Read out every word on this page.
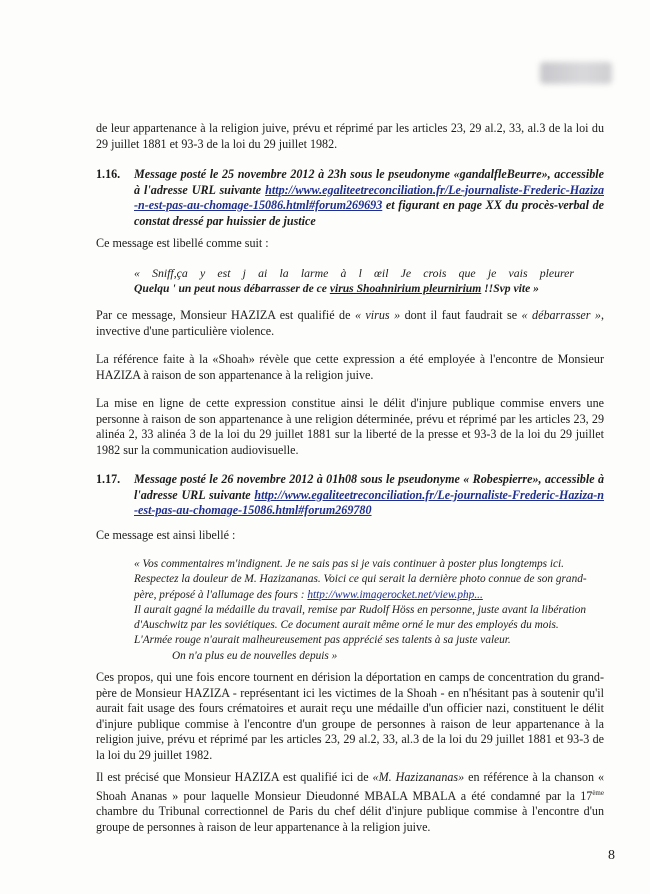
de leur appartenance à la religion juive, prévu et réprimé par les articles 23, 29 al.2, 33, al.3 de la loi du 29 juillet 1881 et 93-3 de la loi du 29 juillet 1982.

1.16. Message posté le 25 novembre 2012 à 23h sous le pseudonyme «gandalfleBeurre», accessible à l'adresse URL suivante http://www.egaliteetreconciliation.fr/Le-journaliste-Frederic-Haziza-n-est-pas-au-chomage-15086.html#forum269693 et figurant en page XX du procès-verbal de constat dressé par huissier de justice

Ce message est libellé comme suit :

« Sniff,ça y est j ai la larme à l œil Je crois que je vais pleurer
Quelqu ' un peut nous débarrasser de ce virus Shoahnirium pleurnirium !!Svp vite »

Par ce message, Monsieur HAZIZA est qualifié de « virus » dont il faut faudrait se « débarrasser », invective d'une particulière violence.

La référence faite à la «Shoah» révèle que cette expression a été employée à l'encontre de Monsieur HAZIZA à raison de son appartenance à la religion juive.

La mise en ligne de cette expression constitue ainsi le délit d'injure publique commise envers une personne à raison de son appartenance à une religion déterminée, prévu et réprimé par les articles 23, 29 alinéa 2, 33 alinéa 3 de la loi du 29 juillet 1881 sur la liberté de la presse et 93-3 de la loi du 29 juillet 1982 sur la communication audiovisuelle.

1.17. Message posté le 26 novembre 2012 à 01h08 sous le pseudonyme « Robespierre», accessible à l'adresse URL suivante http://www.egaliteetreconciliation.fr/Le-journaliste-Frederic-Haziza-n-est-pas-au-chomage-15086.html#forum269780

Ce message est ainsi libellé :

« Vos commentaires m'indignent. Je ne sais pas si je vais continuer à poster plus longtemps ici.
Respectez la douleur de M. Hazizananas. Voici ce qui serait la dernière photo connue de son grand-
père, préposé à l'allumage des fours : http://www.imagerocket.net/view.php...
Il aurait gagné la médaille du travail, remise par Rudolf Höss en personne, juste avant la libération
d'Auschwitz par les soviétiques. Ce document aurait même orné le mur des employés du mois.
L'Armée rouge n'aurait malheureusement pas apprécié ses talents à sa juste valeur.
On n'a plus eu de nouvelles depuis »

Ces propos, qui une fois encore tournent en dérision la déportation en camps de concentration du grand-père de Monsieur HAZIZA - représentant ici les victimes de la Shoah - en n'hésitant pas à soutenir qu'il aurait fait usage des fours crématoires et aurait reçu une médaille d'un officier nazi, constituent le délit d'injure publique commise à l'encontre d'un groupe de personnes à raison de leur appartenance à la religion juive, prévu et réprimé par les articles 23, 29 al.2, 33, al.3 de la loi du 29 juillet 1881 et 93-3 de la loi du 29 juillet 1982.

Il est précisé que Monsieur HAZIZA est qualifié ici de «M. Hazizananas» en référence à la chanson « Shoah Ananas » pour laquelle Monsieur Dieudonné MBALA MBALA a été condamné par la 17ème chambre du Tribunal correctionnel de Paris du chef délit d'injure publique commise à l'encontre d'un groupe de personnes à raison de leur appartenance à la religion juive.

8
